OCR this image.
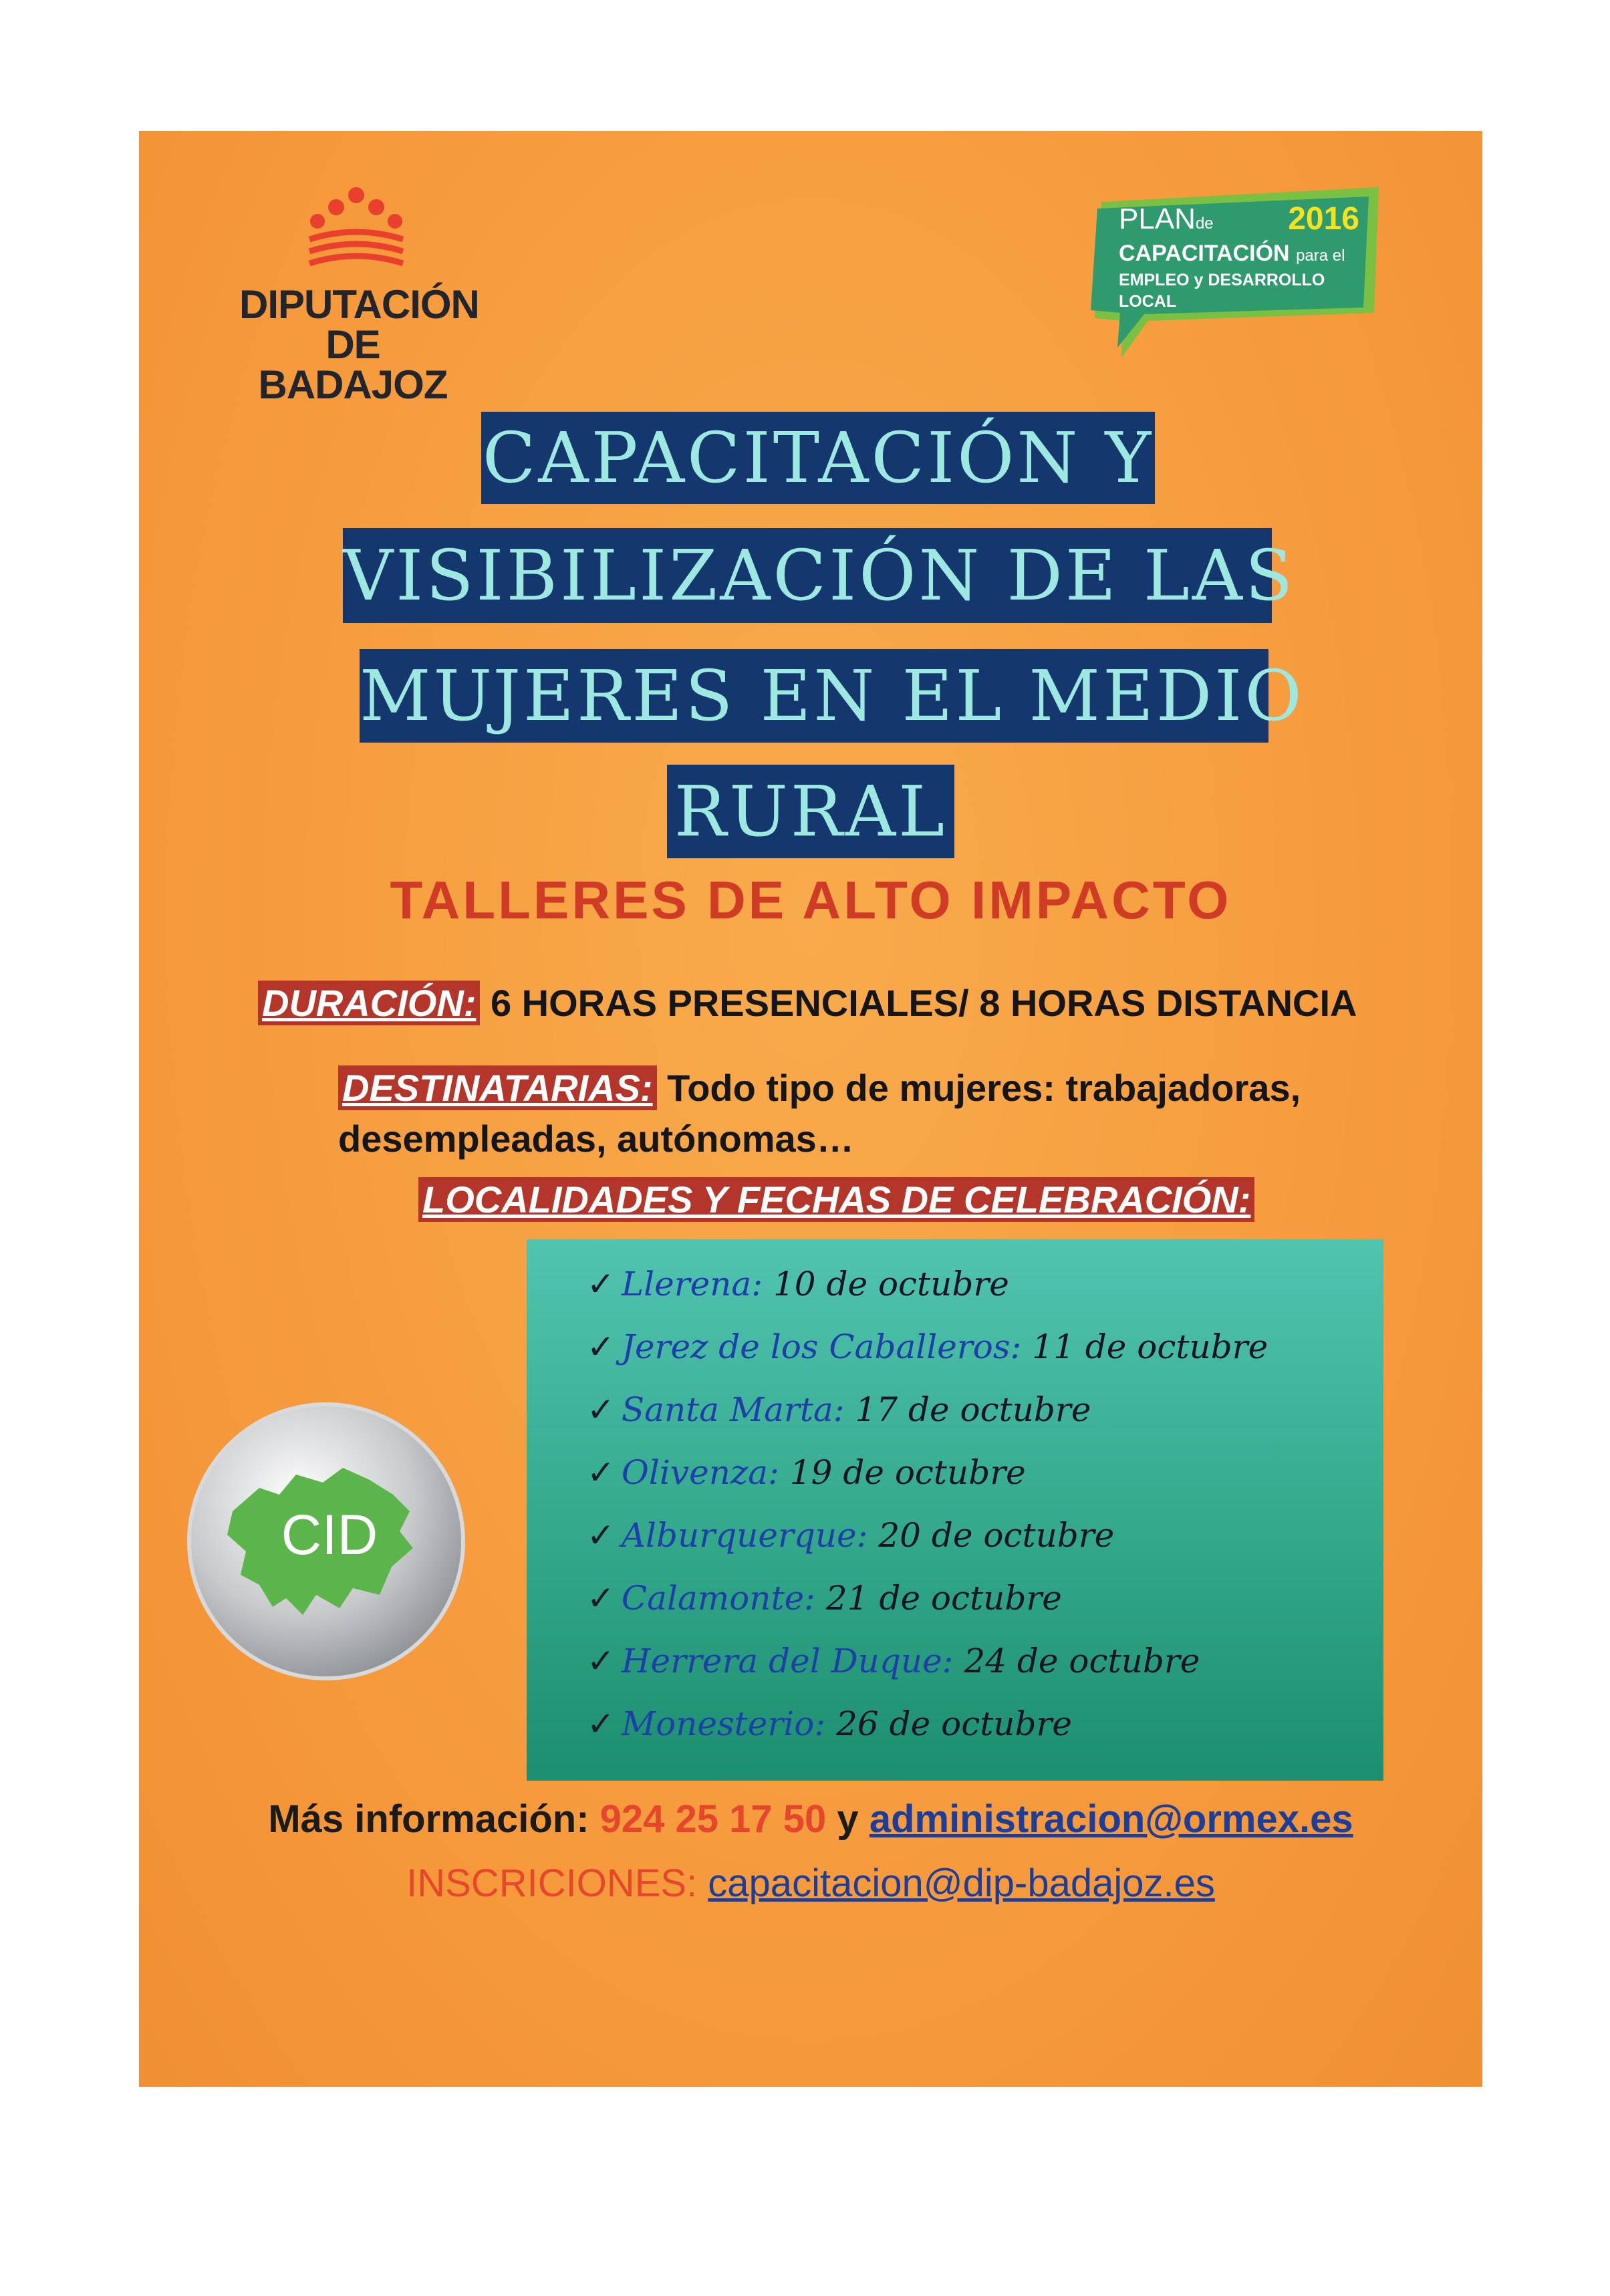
DIPUTACIÓN
DE BADAJOZ
PLANde 2016
CAPACITACIÓN para el
EMPLEO y DESARROLLO LOCAL
CAPACITACIÓN Y
VISIBILIZACIÓN DE LAS
MUJERES EN EL MEDIO
RURAL
TALLERES DE ALTO IMPACTO
DURACIÓN: 6 HORAS PRESENCIALES/ 8 HORAS DISTANCIA
DESTINATARIAS: Todo tipo de mujeres: trabajadoras, desempleadas, autónomas…
LOCALIDADES Y FECHAS DE CELEBRACIÓN:
CID
✓ Llerena: 10 de octubre
✓ Jerez de los Caballeros: 11 de octubre
✓ Santa Marta: 17 de octubre
✓ Olivenza: 19 de octubre
✓ Alburquerque: 20 de octubre
✓ Calamonte: 21 de octubre
✓ Herrera del Duque: 24 de octubre
✓ Monesterio: 26 de octubre
Más información: 924 25 17 50 y administracion@ormex.es
INSCRICIONES: capacitacion@dip-badajoz.es
